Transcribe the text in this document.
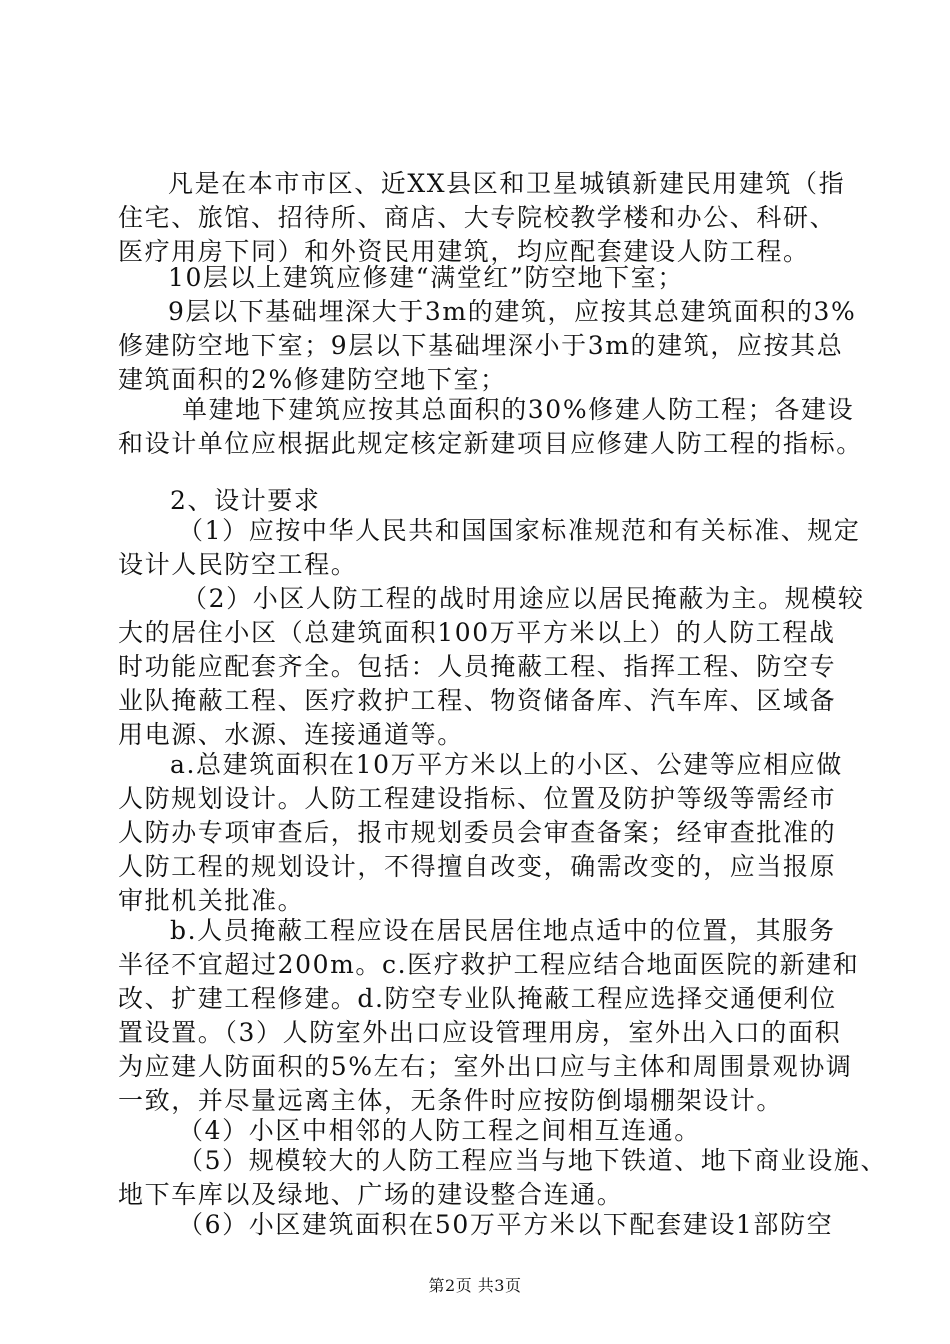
凡是在本市市区、近XX县区和卫星城镇新建民用建筑（指
住宅、旅馆、招待所、商店、大专院校教学楼和办公、科研、
医疗用房下同）和外资民用建筑，均应配套建设人防工程。
10层以上建筑应修建“满堂红”防空地下室；
9层以下基础埋深大于3m的建筑，应按其总建筑面积的3%
修建防空地下室；9层以下基础埋深小于3m的建筑，应按其总
建筑面积的2%修建防空地下室；
单建地下建筑应按其总面积的30%修建人防工程；各建设
和设计单位应根据此规定核定新建项目应修建人防工程的指标。
2、设计要求
（1）应按中华人民共和国国家标准规范和有关标准、规定
设计人民防空工程。
（2）小区人防工程的战时用途应以居民掩蔽为主。规模较
大的居住小区（总建筑面积100万平方米以上）的人防工程战
时功能应配套齐全。包括：人员掩蔽工程、指挥工程、防空专
业队掩蔽工程、医疗救护工程、物资储备库、汽车库、区域备
用电源、水源、连接通道等。
a.总建筑面积在10万平方米以上的小区、公建等应相应做
人防规划设计。人防工程建设指标、位置及防护等级等需经市
人防办专项审查后，报市规划委员会审查备案；经审查批准的
人防工程的规划设计，不得擅自改变，确需改变的，应当报原
审批机关批准。
b.人员掩蔽工程应设在居民居住地点适中的位置，其服务
半径不宜超过200m。c.医疗救护工程应结合地面医院的新建和
改、扩建工程修建。d.防空专业队掩蔽工程应选择交通便利位
置设置。（3）人防室外出口应设管理用房，室外出入口的面积
为应建人防面积的5%左右；室外出口应与主体和周围景观协调
一致，并尽量远离主体，无条件时应按防倒塌棚架设计。
（4）小区中相邻的人防工程之间相互连通。
（5）规模较大的人防工程应当与地下铁道、地下商业设施、
地下车库以及绿地、广场的建设整合连通。
（6）小区建筑面积在50万平方米以下配套建设1部防空
第2页 共3页
